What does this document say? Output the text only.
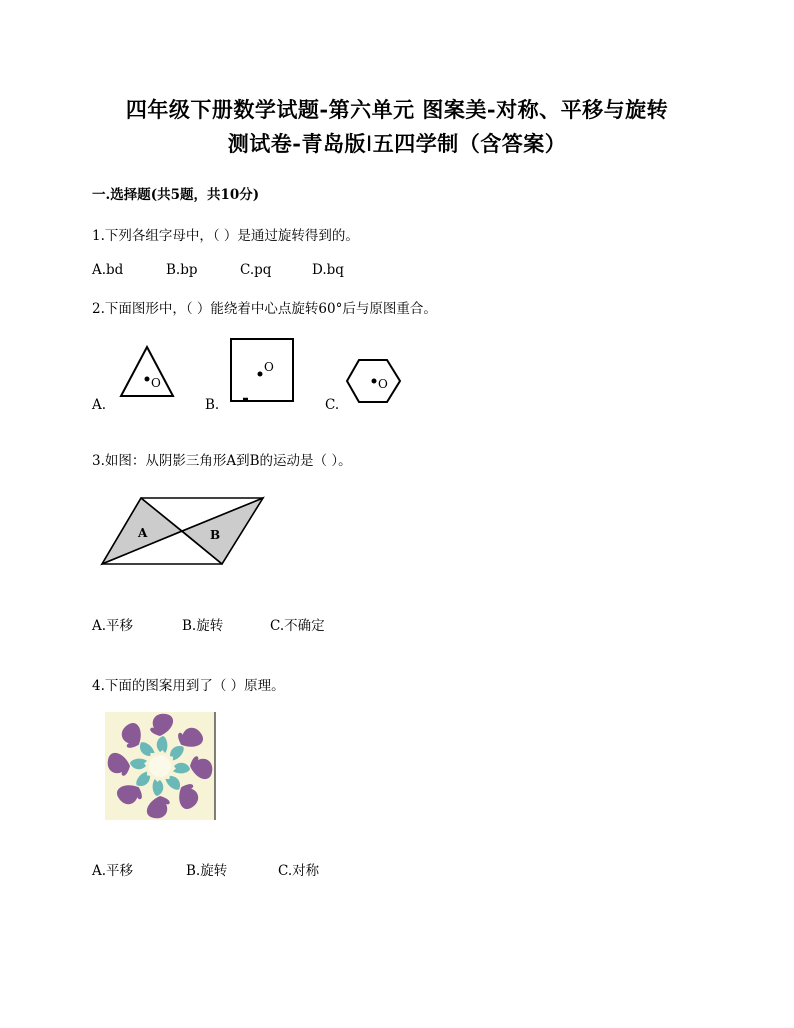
四年级下册数学试题-第六单元 图案美-对称、平移与旋转
测试卷-青岛版ǀ五四学制（含答案）
一.选择题(共5题，共10分)
1.下列各组字母中，（ ）是通过旋转得到的。
A.bd	B.bp	C.pq	D.bq
2.下面图形中，（ ）能绕着中心点旋转60°后与原图重合。
O
A.
O
B.
O
C.
3.如图：从阴影三角形A到B的运动是（ ）。
A	B
A.平移	B.旋转	C.不确定
4.下面的图案用到了（ ）原理。
A.平移	B.旋转	C.对称
